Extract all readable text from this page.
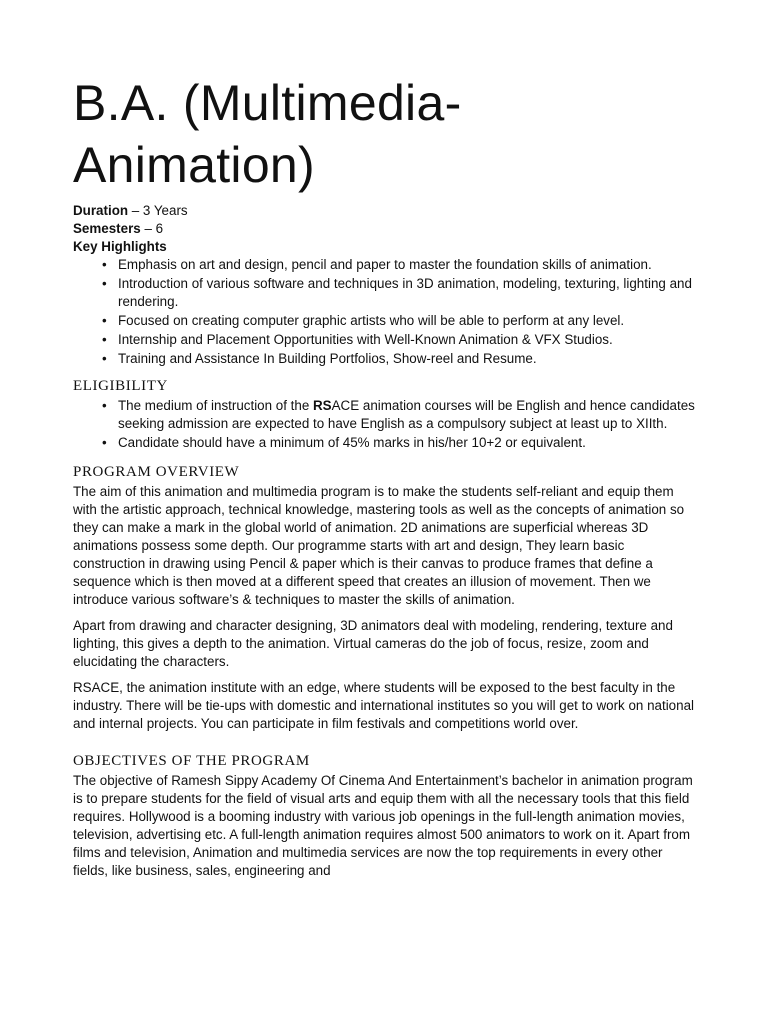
B.A. (Multimedia-
Animation)
Duration – 3 Years
Semesters – 6
Key Highlights
• Emphasis on art and design, pencil and paper to master the foundation skills of animation.
• Introduction of various software and techniques in 3D animation, modeling, texturing, lighting and rendering.
• Focused on creating computer graphic artists who will be able to perform at any level.
• Internship and Placement Opportunities with Well-Known Animation & VFX Studios.
• Training and Assistance In Building Portfolios, Show-reel and Resume.
ELIGIBILITY
• The medium of instruction of the RSACE animation courses will be English and hence candidates seeking admission are expected to have English as a compulsory subject at least up to XIIth.
• Candidate should have a minimum of 45% marks in his/her 10+2 or equivalent.
PROGRAM OVERVIEW

The aim of this animation and multimedia program is to make the students self-reliant and equip them with the artistic approach, technical knowledge, mastering tools as well as the concepts of animation so they can make a mark in the global world of animation. 2D animations are superficial whereas 3D animations possess some depth. Our programme starts with art and design, They learn basic construction in drawing using Pencil & paper which is their canvas to produce frames that define a sequence which is then moved at a different speed that creates an illusion of movement. Then we introduce various software’s & techniques to master the skills of animation.

Apart from drawing and character designing, 3D animators deal with modeling, rendering, texture and lighting, this gives a depth to the animation. Virtual cameras do the job of focus, resize, zoom and elucidating the characters.

RSACE, the animation institute with an edge, where students will be exposed to the best faculty in the industry. There will be tie-ups with domestic and international institutes so you will get to work on national and internal projects. You can participate in film festivals and competitions world over.

OBJECTIVES OF THE PROGRAM

The objective of Ramesh Sippy Academy Of Cinema And Entertainment’s bachelor in animation program is to prepare students for the field of visual arts and equip them with all the necessary tools that this field requires. Hollywood is a booming industry with various job openings in the full-length animation movies, television, advertising etc. A full-length animation requires almost 500 animators to work on it. Apart from films and television, Animation and multimedia services are now the top requirements in every other fields, like business, sales, engineering and
